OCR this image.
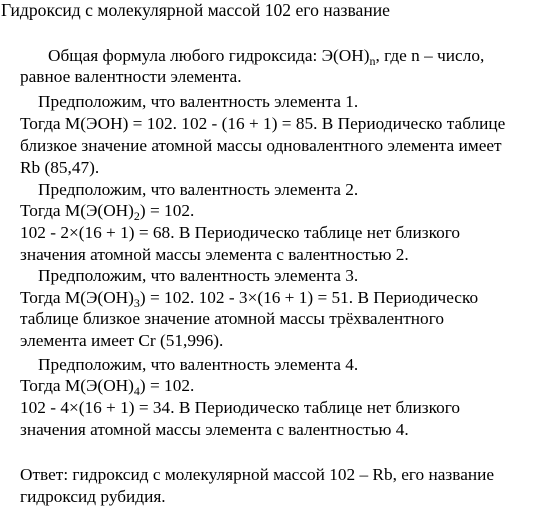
Гидроксид с молекулярной массой 102 его название
Общая формула любого гидроксида: $Э(ОН)_n$, где n – число,
равное валентности элемента.
Предположим, что валентность элемента 1.
Тогда М(ЭОН) = 102. 102 - (16 + 1) = 85. В Периодическо таблице
близкое значение атомной массы одновалентного элемента имеет
Rb (85,47).
Предположим, что валентность элемента 2.
Тогда $М(Э(ОН)_2) = 102$.
102 - 2×(16 + 1) = 68. В Периодическо таблице нет близкого
значения атомной массы элемента с валентностью 2.
Предположим, что валентность элемента 3.
Тогда $М(Э(ОН)_3) = 102$. 102 - 3×(16 + 1) = 51. В Периодическо
таблице близкое значение атомной массы трёхвалентного
элемента имеет Cr (51,996).
Предположим, что валентность элемента 4.
Тогда $М(Э(ОН)_4) = 102$.
102 - 4×(16 + 1) = 34. В Периодическо таблице нет близкого
значения атомной массы элемента с валентностью 4.
Ответ: гидроксид с молекулярной массой 102 – Rb, его название
гидроксид рубидия.
